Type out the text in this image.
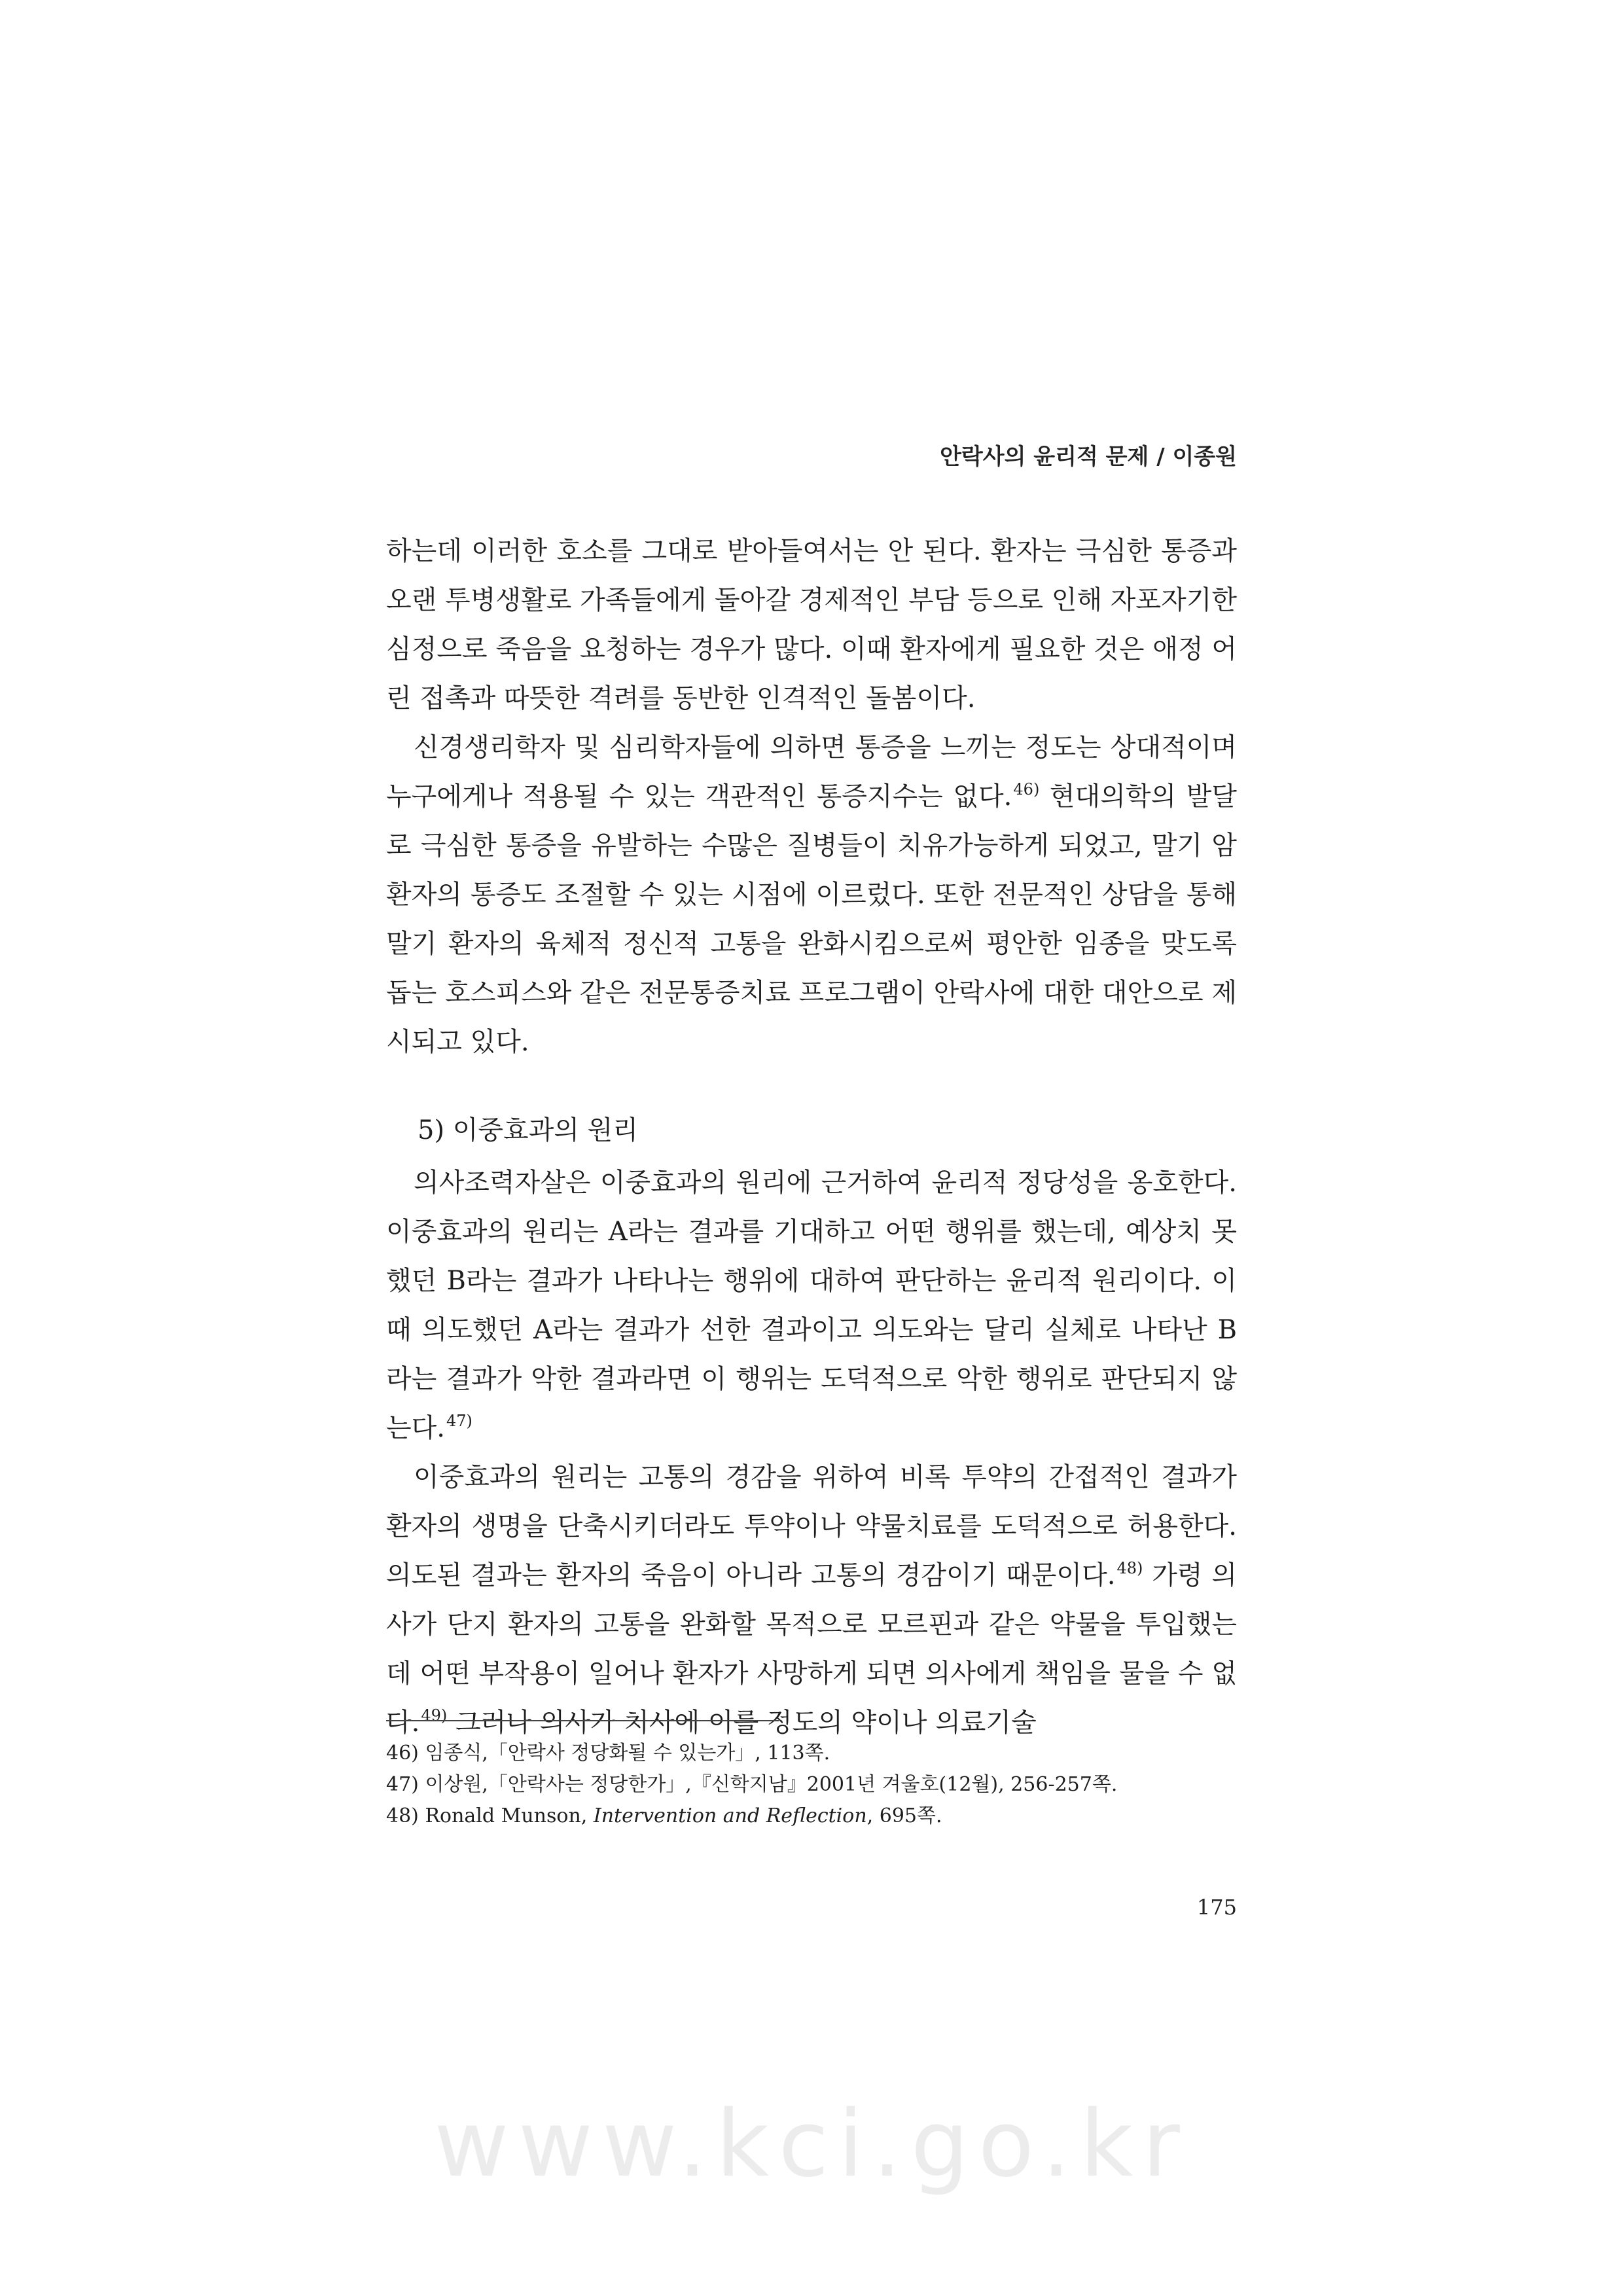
안락사의 윤리적 문제 / 이종원

하는데 이러한 호소를 그대로 받아들여서는 안 된다. 환자는 극심한 통증과 오랜 투병생활로 가족들에게 돌아갈 경제적인 부담 등으로 인해 자포자기한 심정으로 죽음을 요청하는 경우가 많다. 이때 환자에게 필요한 것은 애정 어린 접촉과 따뜻한 격려를 동반한 인격적인 돌봄이다.

신경생리학자 및 심리학자들에 의하면 통증을 느끼는 정도는 상대적이며 누구에게나 적용될 수 있는 객관적인 통증지수는 없다.$^{46)}$ 현대의학의 발달로 극심한 통증을 유발하는 수많은 질병들이 치유가능하게 되었고, 말기 암환자의 통증도 조절할 수 있는 시점에 이르렀다. 또한 전문적인 상담을 통해 말기 환자의 육체적 정신적 고통을 완화시킴으로써 평안한 임종을 맞도록 돕는 호스피스와 같은 전문통증치료 프로그램이 안락사에 대한 대안으로 제시되고 있다.

5) 이중효과의 원리

의사조력자살은 이중효과의 원리에 근거하여 윤리적 정당성을 옹호한다. 이중효과의 원리는 A라는 결과를 기대하고 어떤 행위를 했는데, 예상치 못했던 B라는 결과가 나타나는 행위에 대하여 판단하는 윤리적 원리이다. 이때 의도했던 A라는 결과가 선한 결과이고 의도와는 달리 실체로 나타난 B라는 결과가 악한 결과라면 이 행위는 도덕적으로 악한 행위로 판단되지 않는다.$^{47)}$

이중효과의 원리는 고통의 경감을 위하여 비록 투약의 간접적인 결과가 환자의 생명을 단축시키더라도 투약이나 약물치료를 도덕적으로 허용한다. 의도된 결과는 환자의 죽음이 아니라 고통의 경감이기 때문이다.$^{48)}$ 가령 의사가 단지 환자의 고통을 완화할 목적으로 모르핀과 같은 약물을 투입했는데 어떤 부작용이 일어나 환자가 사망하게 되면 의사에게 책임을 물을 수 없다.$^{49)}$ 그러나 의사가 치사에 이를 정도의 약이나 의료기술

46) 임종식,「안락사 정당화될 수 있는가」, 113쪽.

47) 이상원,「안락사는 정당한가」,『신학지남』2001년 겨울호(12월), 256-257쪽.

48) Ronald Munson, Intervention and Reflection, 695쪽.

175
www.kci.go.kr
